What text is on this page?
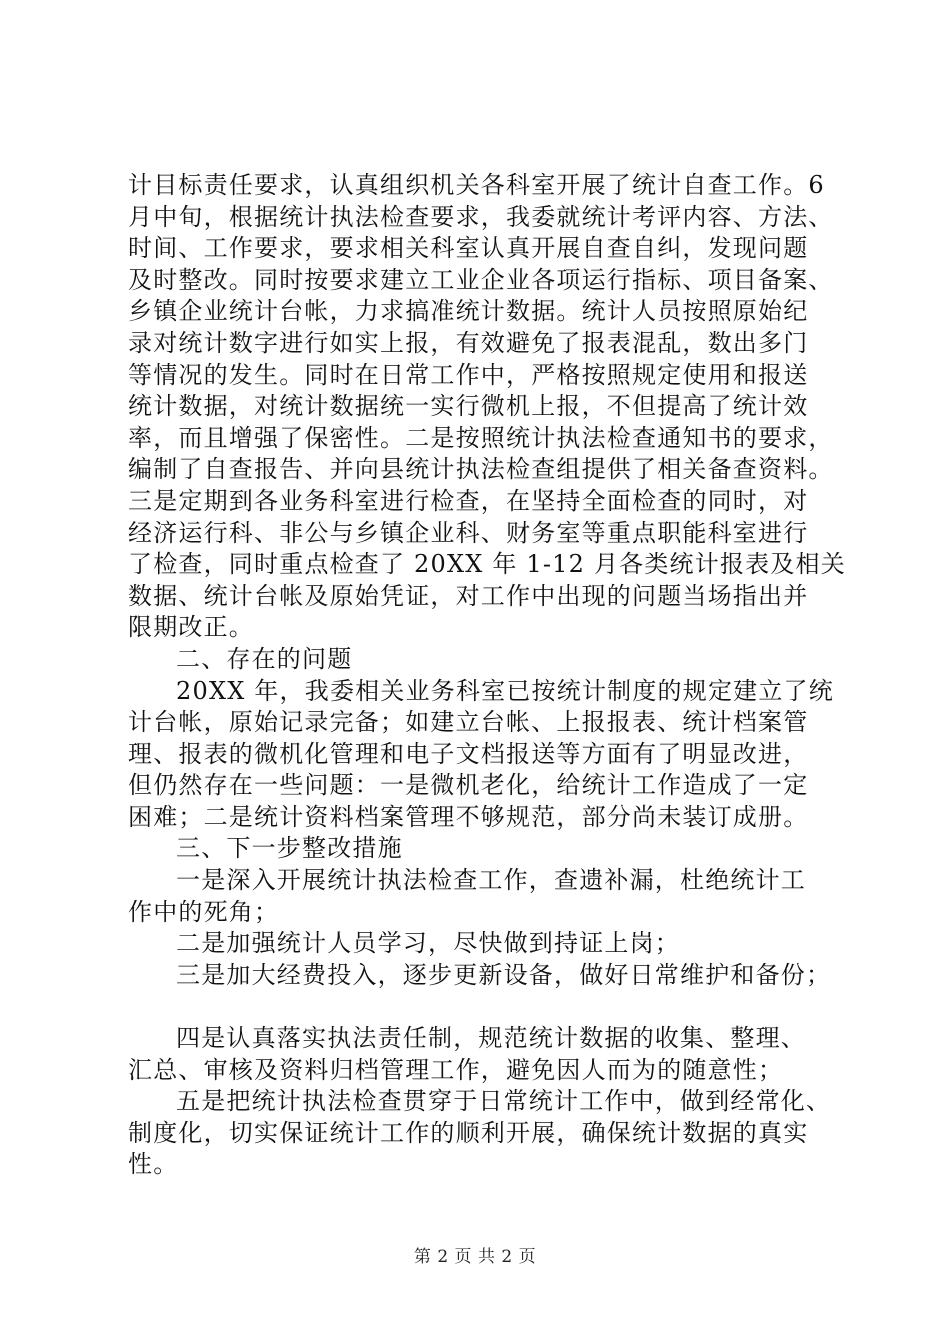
计目标责任要求，认真组织机关各科室开展了统计自查工作。6
月中旬，根据统计执法检查要求，我委就统计考评内容、方法、
时间、工作要求，要求相关科室认真开展自查自纠，发现问题
及时整改。同时按要求建立工业企业各项运行指标、项目备案、
乡镇企业统计台帐，力求搞准统计数据。统计人员按照原始纪
录对统计数字进行如实上报，有效避免了报表混乱，数出多门
等情况的发生。同时在日常工作中，严格按照规定使用和报送
统计数据，对统计数据统一实行微机上报，不但提高了统计效
率，而且增强了保密性。二是按照统计执法检查通知书的要求，
编制了自查报告、并向县统计执法检查组提供了相关备查资料。
三是定期到各业务科室进行检查，在坚持全面检查的同时，对
经济运行科、非公与乡镇企业科、财务室等重点职能科室进行
了检查，同时重点检查了 20XX 年 1-12 月各类统计报表及相关
数据、统计台帐及原始凭证，对工作中出现的问题当场指出并
限期改正。
二、存在的问题
20XX 年，我委相关业务科室已按统计制度的规定建立了统
计台帐，原始记录完备；如建立台帐、上报报表、统计档案管
理、报表的微机化管理和电子文档报送等方面有了明显改进，
但仍然存在一些问题：一是微机老化，给统计工作造成了一定
困难；二是统计资料档案管理不够规范，部分尚未装订成册。
三、下一步整改措施
一是深入开展统计执法检查工作，查遗补漏，杜绝统计工
作中的死角；
二是加强统计人员学习，尽快做到持证上岗；
三是加大经费投入，逐步更新设备，做好日常维护和备份；
四是认真落实执法责任制，规范统计数据的收集、整理、
汇总、审核及资料归档管理工作，避免因人而为的随意性；
五是把统计执法检查贯穿于日常统计工作中，做到经常化、
制度化，切实保证统计工作的顺利开展，确保统计数据的真实
性。
第 2 页 共 2 页
